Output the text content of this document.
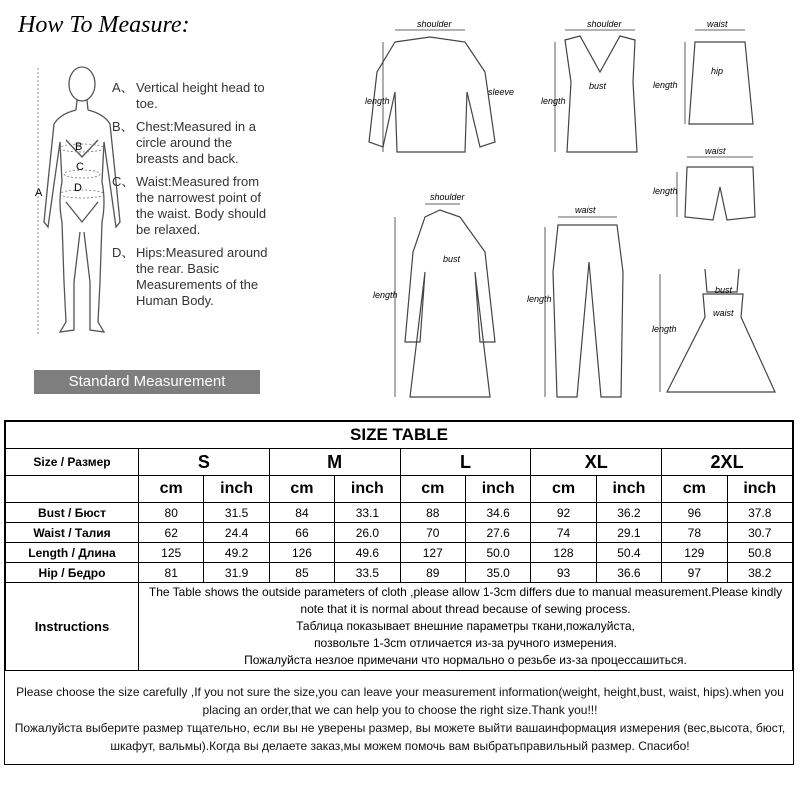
How To Measure:
B
C
D
A
A、 Vertical height head to toe.
B、 Chest:Measured in a circle around the breasts and back.
C、 Waist:Measured from the narrowest point of the waist. Body should be relaxed.
D、 Hips:Measured around the rear. Basic Measurements of the Human Body.
Standard Measurement
shoulder	shoulder
length
sleeve
length
bust
waist
hip
length
waist
length
shoulder
bust
length
waist
length
bust
waist
length
SIZE TABLE										
Size / Размер	S		M		L		XL		2XL	
	cm	inch	cm	inch	cm	inch	cm	inch	cm	inch
Bust / Бюст	80	31.5	84	33.1	88	34.6	92	36.2	96	37.8
Waist / Талия	62	24.4	66	26.0	70	27.6	74	29.1	78	30.7
Length / Длина	125	49.2	126	49.6	127	50.0	128	50.4	129	50.8
Hip / Бедро	81	31.9	85	33.5	89	35.0	93	36.6	97	38.2
Instructions	The Table shows the outside parameters of cloth ,please allow 1-3cm differs due to manual measurement.Please kindly note that it is normal about thread because of sewing process.
Таблица показывает внешние параметры ткани,пожалуйста,
позвольте 1-3cm отличается из-за ручного измерения.
Пожалуйста незлое примечани что нормально о резьбе из-за процессашиться.									
Please choose the size carefully ,If you not sure the size,you can leave your measurement information(weight, height,bust, waist, hips).when you placing an order,that we can help you to choose the right size.Thank you!!!
Пожалуйста выберите размер тщательно, если вы не уверены размер, вы можете выйти вашаинформация измерения (вес,высота, бюст, шкафут, вальмы).Когда вы делаете заказ,мы можем помочь вам выбратьправильный размер. Спасибо!
